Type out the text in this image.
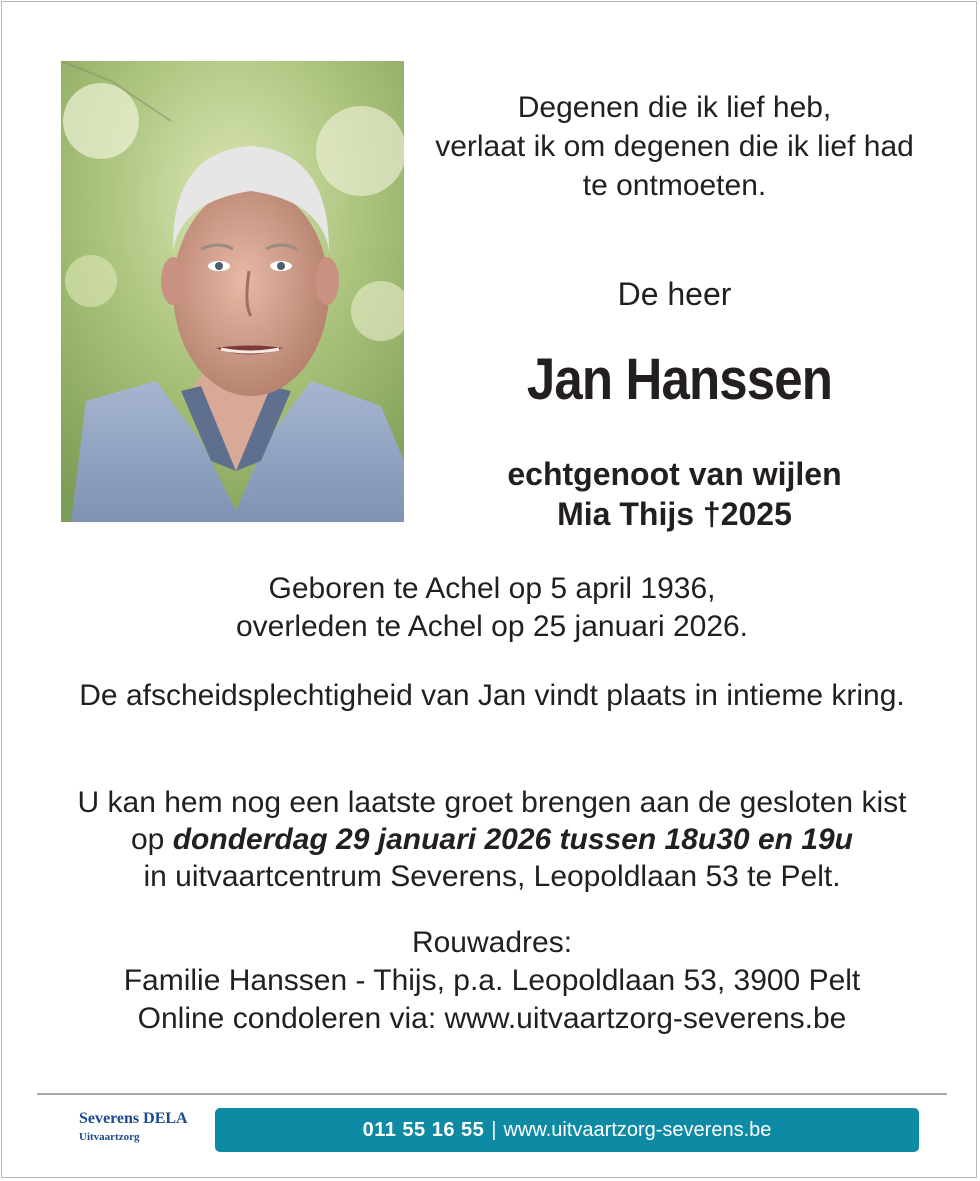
Degenen die ik lief heb,
verlaat ik om degenen die ik lief had
te ontmoeten.
De heer
Jan Hanssen
echtgenoot van wijlen
Mia Thijs †2025
Geboren te Achel op 5 april 1936,
overleden te Achel op 25 januari 2026.
De afscheidsplechtigheid van Jan vindt plaats in intieme kring.
U kan hem nog een laatste groet brengen aan de gesloten kist
op donderdag 29 januari 2026 tussen 18u30 en 19u
in uitvaartcentrum Severens, Leopoldlaan 53 te Pelt.
Rouwadres:
Familie Hanssen - Thijs, p.a. Leopoldlaan 53, 3900 Pelt
Online condoleren via: www.uitvaartzorg-severens.be
Severens DELA
Uitvaartzorg	011 55 16 55 | www.uitvaartzorg-severens.be
